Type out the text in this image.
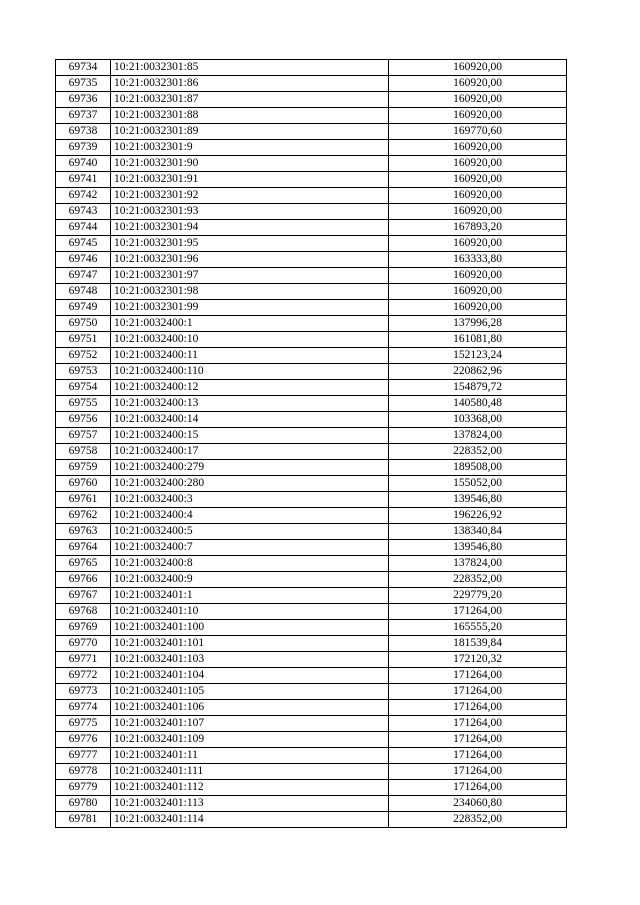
69734	10:21:0032301:85	160920,00
69735	10:21:0032301:86	160920,00
69736	10:21:0032301:87	160920,00
69737	10:21:0032301:88	160920,00
69738	10:21:0032301:89	169770,60
69739	10:21:0032301:9	160920,00
69740	10:21:0032301:90	160920,00
69741	10:21:0032301:91	160920,00
69742	10:21:0032301:92	160920,00
69743	10:21:0032301:93	160920,00
69744	10:21:0032301:94	167893,20
69745	10:21:0032301:95	160920,00
69746	10:21:0032301:96	163333,80
69747	10:21:0032301:97	160920,00
69748	10:21:0032301:98	160920,00
69749	10:21:0032301:99	160920,00
69750	10:21:0032400:1	137996,28
69751	10:21:0032400:10	161081,80
69752	10:21:0032400:11	152123,24
69753	10:21:0032400:110	220862,96
69754	10:21:0032400:12	154879,72
69755	10:21:0032400:13	140580,48
69756	10:21:0032400:14	103368,00
69757	10:21:0032400:15	137824,00
69758	10:21:0032400:17	228352,00
69759	10:21:0032400:279	189508,00
69760	10:21:0032400:280	155052,00
69761	10:21:0032400:3	139546,80
69762	10:21:0032400:4	196226,92
69763	10:21:0032400:5	138340,84
69764	10:21:0032400:7	139546,80
69765	10:21:0032400:8	137824,00
69766	10:21:0032400:9	228352,00
69767	10:21:0032401:1	229779,20
69768	10:21:0032401:10	171264,00
69769	10:21:0032401:100	165555,20
69770	10:21:0032401:101	181539,84
69771	10:21:0032401:103	172120,32
69772	10:21:0032401:104	171264,00
69773	10:21:0032401:105	171264,00
69774	10:21:0032401:106	171264,00
69775	10:21:0032401:107	171264,00
69776	10:21:0032401:109	171264,00
69777	10:21:0032401:11	171264,00
69778	10:21:0032401:111	171264,00
69779	10:21:0032401:112	171264,00
69780	10:21:0032401:113	234060,80
69781	10:21:0032401:114	228352,00
